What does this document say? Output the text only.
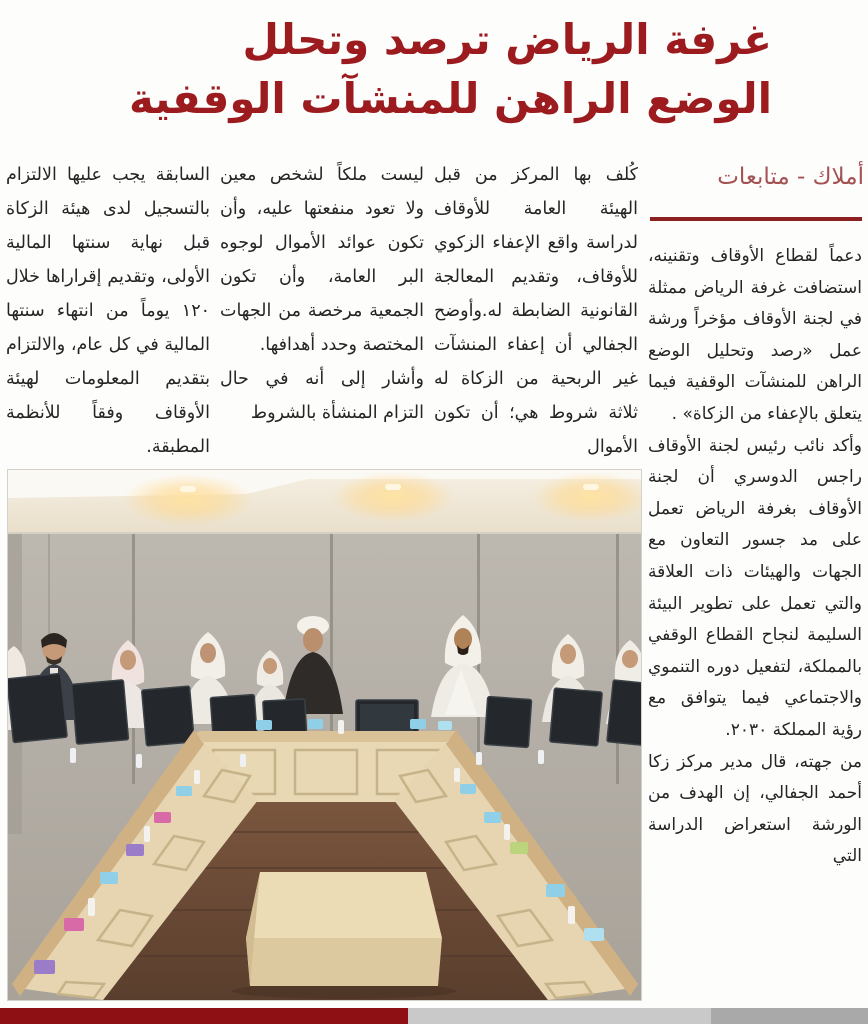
غرفة الرياض ترصد وتحلل
الوضع الراهن للمنشآت الوقفية
أملاك - متابعات

دعماً لقطاع الأوقاف وتقنينه، استضافت غرفة الرياض ممثلة في لجنة الأوقاف مؤخراً ورشة عمل «رصد وتحليل الوضع الراهن للمنشآت الوقفية فيما يتعلق بالإعفاء من الزكاة» .

وأكد نائب رئيس لجنة الأوقاف راجس الدوسري أن لجنة الأوقاف بغرفة الرياض تعمل على مد جسور التعاون مع الجهات والهيئات ذات العلاقة والتي تعمل على تطوير البيئة السليمة لنجاح القطاع الوقفي بالمملكة، لتفعيل دوره التنموي والاجتماعي فيما يتوافق مع رؤية المملكة ٢٠٣٠.

من جهته، قال مدير مركز زكا أحمد الجفالي، إن الهدف من الورشة استعراض الدراسة التي

كُلف بها المركز من قبل الهيئة العامة للأوقاف لدراسة واقع الإعفاء الزكوي للأوقاف، وتقديم المعالجة القانونية الضابطة له.وأوضح الجفالي أن إعفاء المنشآت غير الربحية من الزكاة له ثلاثة شروط هي؛ أن تكون الأموال

ليست ملكاً لشخص معين ولا تعود منفعتها عليه، وأن تكون عوائد الأموال لوجوه البر العامة، وأن تكون الجمعية مرخصة من الجهات المختصة وحدد أهدافها.

وأشار إلى أنه في حال التزام المنشأة بالشروط

السابقة يجب عليها الالتزام بالتسجيل لدى هيئة الزكاة قبل نهاية سنتها المالية الأولى، وتقديم إقراراها خلال ١٢٠ يوماً من انتهاء سنتها المالية في كل عام، والالتزام بتقديم المعلومات لهيئة الأوقاف وفقاً للأنظمة المطبقة.
